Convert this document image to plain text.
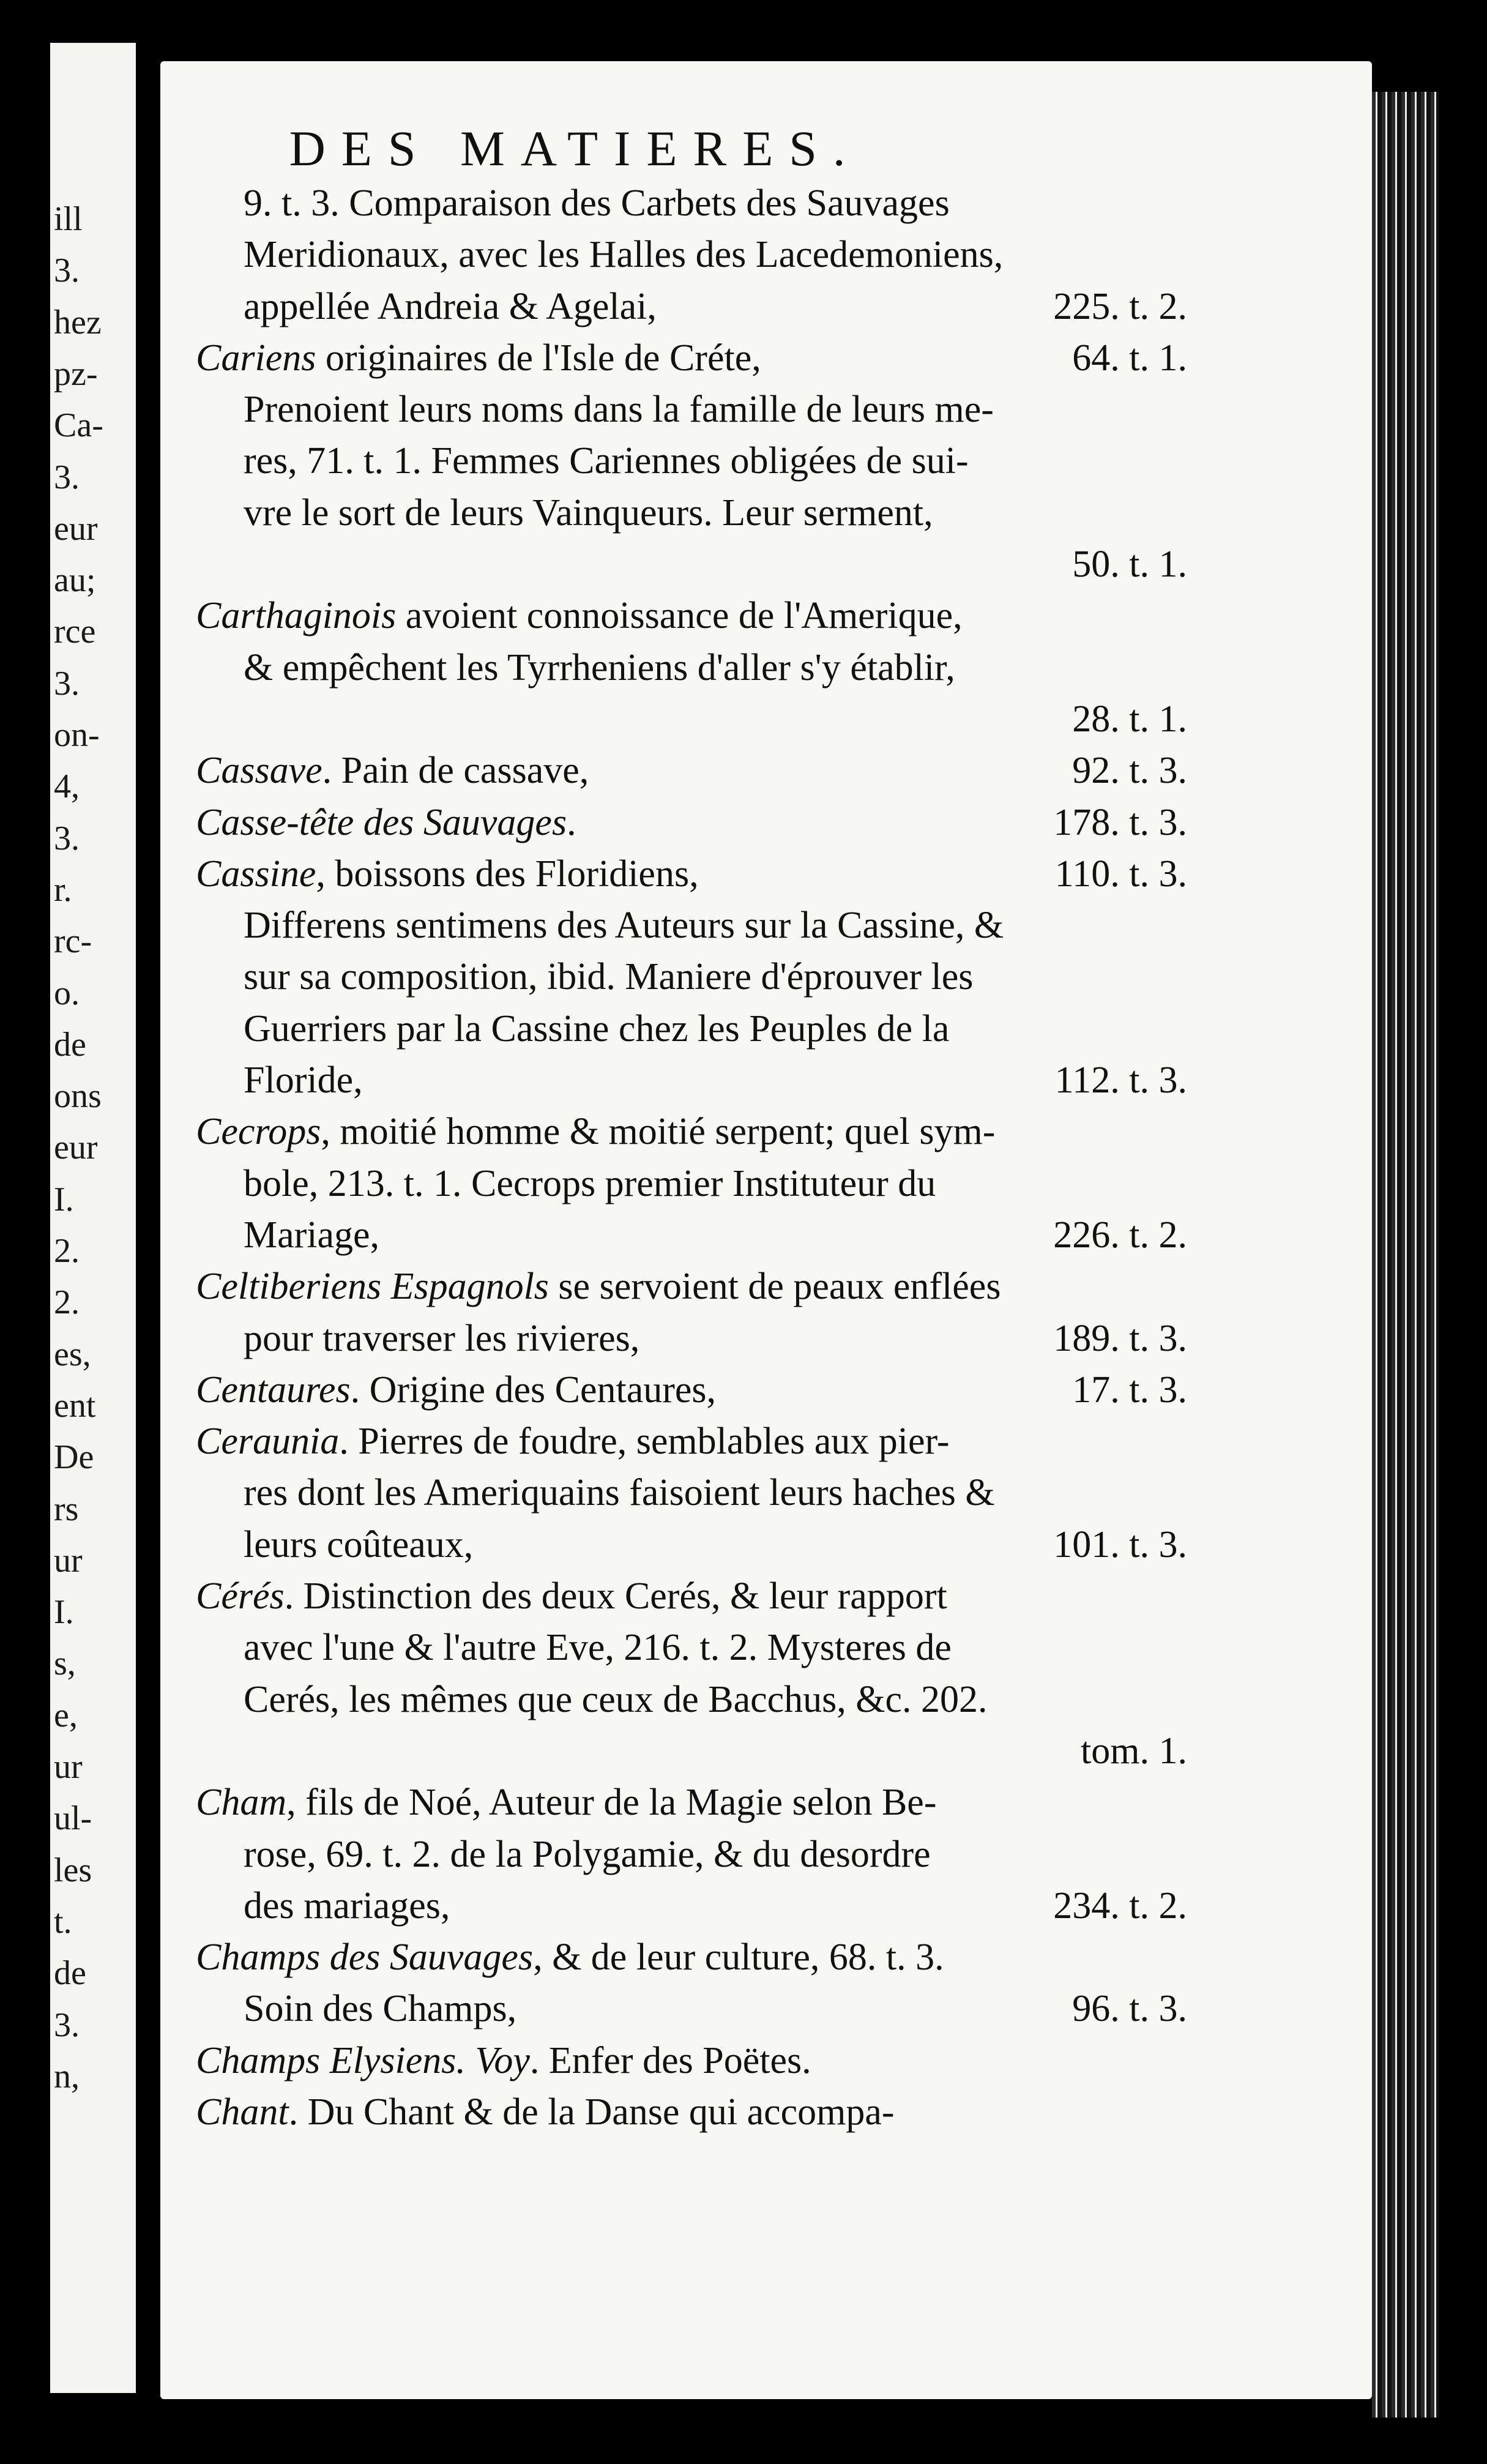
ill
3.
hez
pz-
Ca-
3.
eur
au;
rce
3.
on-
4,
3.
r.
rc-
o.
de
ons
eur
I.
2.
2.
es,
ent
De
rs
ur
I.
s,
e,
ur
ul-
les
t.
de
3.
n,
DES MATIERES.
9. t. 3. Comparaison des Carbets des Sauvages
Meridionaux, avec les Halles des Lacedemoniens,
appellée Andreia & Agelai,	225. t. 2.
Cariens originaires de l'Isle de Créte,	64. t. 1.
Prenoient leurs noms dans la famille de leurs me-
res, 71. t. 1. Femmes Cariennes obligées de sui-
vre le sort de leurs Vainqueurs. Leur serment,
50. t. 1.
Carthaginois avoient connoissance de l'Amerique,
& empêchent les Tyrrheniens d'aller s'y établir,
28. t. 1.
Cassave. Pain de cassave,	92. t. 3.
Casse-tête des Sauvages.	178. t. 3.
Cassine, boissons des Floridiens,	110. t. 3.
Differens sentimens des Auteurs sur la Cassine, &
sur sa composition, ibid. Maniere d'éprouver les
Guerriers par la Cassine chez les Peuples de la
Floride,	112. t. 3.
Cecrops, moitié homme & moitié serpent; quel sym-
bole, 213. t. 1. Cecrops premier Instituteur du
Mariage,	226. t. 2.
Celtiberiens Espagnols se servoient de peaux enflées
pour traverser les rivieres,	189. t. 3.
Centaures. Origine des Centaures,	17. t. 3.
Ceraunia. Pierres de foudre, semblables aux pier-
res dont les Ameriquains faisoient leurs haches &
leurs coûteaux,	101. t. 3.
Cérés. Distinction des deux Cerés, & leur rapport
avec l'une & l'autre Eve, 216. t. 2. Mysteres de
Cerés, les mêmes que ceux de Bacchus, &c. 202.
tom. 1.
Cham, fils de Noé, Auteur de la Magie selon Be-
rose, 69. t. 2. de la Polygamie, & du desordre
des mariages,	234. t. 2.
Champs des Sauvages, & de leur culture, 68. t. 3.
Soin des Champs,	96. t. 3.
Champs Elysiens. Voy. Enfer des Poëtes.
Chant. Du Chant & de la Danse qui accompa-
